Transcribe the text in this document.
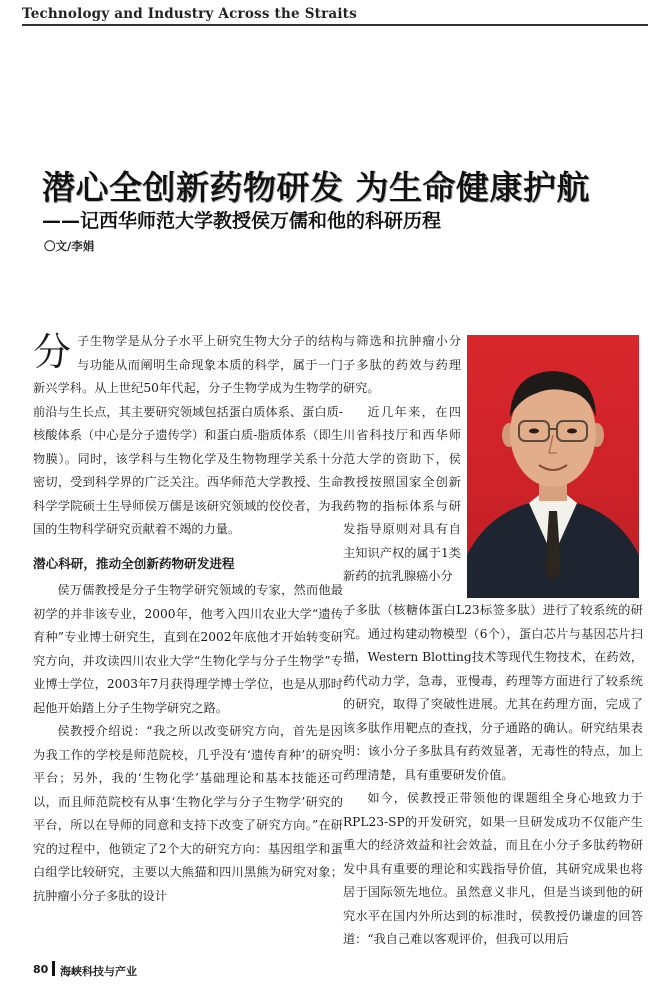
Technology and Industry Across the Straits
潜心全创新药物研发 为生命健康护航
——记西华师范大学教授侯万儒和他的科研历程
〇文/李娟

分子生物学是从分子水平上研究生物大分子的结构与功能从而阐明生命现象本质的科学，属于一门新兴学科。从上世纪50年代起，分子生物学成为生物学的前沿与生长点，其主要研究领域包括蛋白质体系、蛋白质-核酸体系（中心是分子遗传学）和蛋白质-脂质体系（即生物膜）。同时，该学科与生物化学及生物物理学关系十分密切，受到科学界的广泛关注。西华师范大学教授、生命科学学院硕士生导师侯万儒是该研究领域的佼佼者，为我国的生物科学研究贡献着不竭的力量。

潜心科研，推动全创新药物研发进程

侯万儒教授是分子生物学研究领域的专家，然而他最初学的并非该专业，2000年，他考入四川农业大学“遗传育种”专业博士研究生，直到在2002年底他才开始转变研究方向，并攻读四川农业大学“生物化学与分子生物学”专业博士学位，2003年7月获得理学博士学位，也是从那时起他开始踏上分子生物学研究之路。

侯教授介绍说：“我之所以改变研究方向，首先是因为我工作的学校是师范院校，几乎没有‘遗传育种’的研究平台；另外，我的‘生物化学’基础理论和基本技能还可以，而且师范院校有从事‘生物化学与分子生物学’研究的平台，所以在导师的同意和支持下改变了研究方向。”在研究的过程中，他锁定了2个大的研究方向：基因组学和蛋白组学比较研究，主要以大熊猫和四川黑熊为研究对象；抗肿瘤小分子多肽的设计

与筛选和抗肿瘤小分子多肽的药效与药理研究。

近几年来，在四川省科技厅和西华师范大学的资助下，侯教授按照国家全创新药物的指标体系与研发指导原则对具有自主知识产权的属于1类新药的抗乳腺癌小分

子多肽（核糖体蛋白L23标签多肽）进行了较系统的研究。通过构建动物模型（6个），蛋白芯片与基因芯片扫描，Western Blotting技术等现代生物技术，在药效，药代动力学，急毒，亚慢毒，药理等方面进行了较系统的研究，取得了突破性进展。尤其在药理方面，完成了该多肽作用靶点的查找，分子通路的确认。研究结果表明：该小分子多肽具有药效显著，无毒性的特点，加上药理清楚，具有重要研发价值。

如今，侯教授正带领他的课题组全身心地致力于RPL23-SP的开发研究，如果一旦研发成功不仅能产生重大的经济效益和社会效益，而且在小分子多肽药物研发中具有重要的理论和实践指导价值，其研究成果也将居于国际领先地位。虽然意义非凡，但是当谈到他的研究水平在国内外所达到的标准时，侯教授仍谦虚的回答道：“我自己难以客观评价，但我可以用后

80 海峡科技与产业
